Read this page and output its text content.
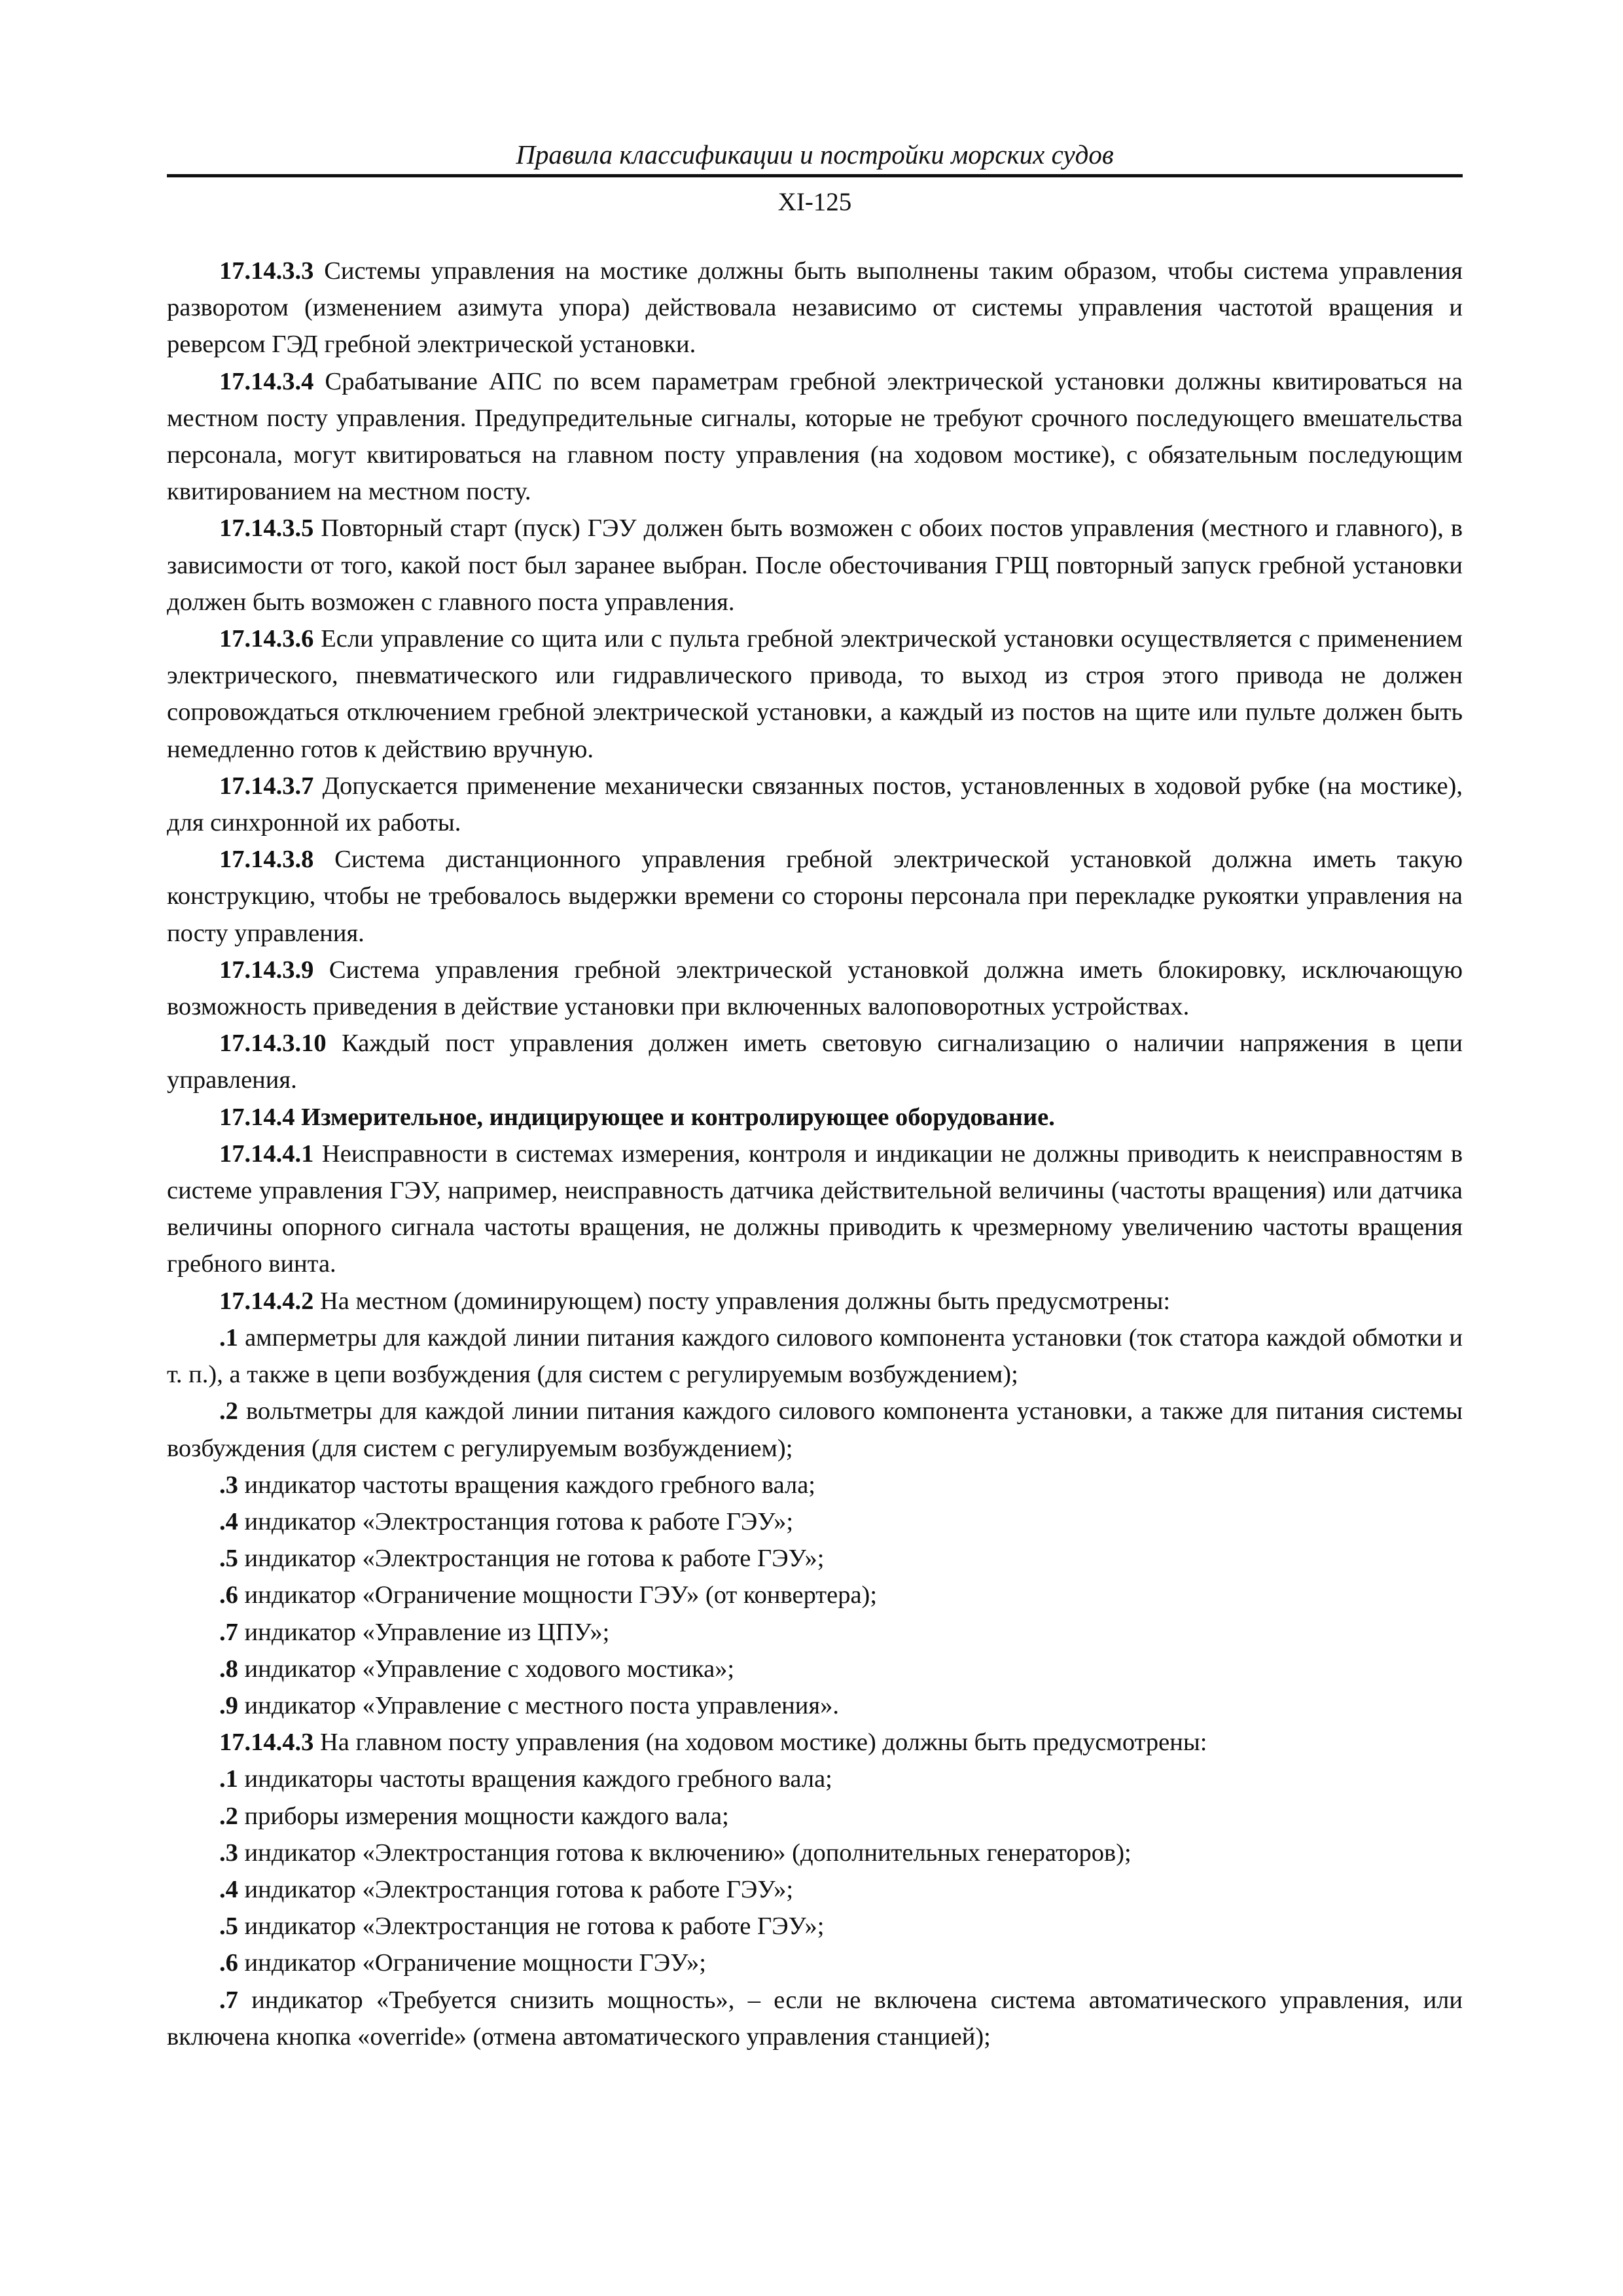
Правила классификации и постройки морских судов
XI-125

17.14.3.3 Системы управления на мостике должны быть выполнены таким образом, чтобы система управления разворотом (изменением азимута упора) действовала независимо от системы управления частотой вращения и реверсом ГЭД гребной электрической установки.

17.14.3.4 Срабатывание АПС по всем параметрам гребной электрической установки должны квитироваться на местном посту управления. Предупредительные сигналы, которые не требуют срочного последующего вмешательства персонала, могут квитироваться на главном посту управления (на ходовом мостике), с обязательным последующим квитированием на местном посту.

17.14.3.5 Повторный старт (пуск) ГЭУ должен быть возможен с обоих постов управления (местного и главного), в зависимости от того, какой пост был заранее выбран. После обесточивания ГРЩ повторный запуск гребной установки должен быть возможен с главного поста управления.

17.14.3.6 Если управление со щита или с пульта гребной электрической установки осуществляется с применением электрического, пневматического или гидравлического привода, то выход из строя этого привода не должен сопровождаться отключением гребной электрической установки, а каждый из постов на щите или пульте должен быть немедленно готов к действию вручную.

17.14.3.7 Допускается применение механически связанных постов, установленных в ходовой рубке (на мостике), для синхронной их работы.

17.14.3.8 Система дистанционного управления гребной электрической установкой должна иметь такую конструкцию, чтобы не требовалось выдержки времени со стороны персонала при перекладке рукоятки управления на посту управления.

17.14.3.9 Система управления гребной электрической установкой должна иметь блокировку, исключающую возможность приведения в действие установки при включенных валоповоротных устройствах.

17.14.3.10 Каждый пост управления должен иметь световую сигнализацию о наличии напряжения в цепи управления.

17.14.4 Измерительное, индицирующее и контролирующее оборудование.

17.14.4.1 Неисправности в системах измерения, контроля и индикации не должны приводить к неисправностям в системе управления ГЭУ, например, неисправность датчика действительной величины (частоты вращения) или датчика величины опорного сигнала частоты вращения, не должны приводить к чрезмерному увеличению частоты вращения гребного винта.

17.14.4.2 На местном (доминирующем) посту управления должны быть предусмотрены:

.1 амперметры для каждой линии питания каждого силового компонента установки (ток статора каждой обмотки и т. п.), а также в цепи возбуждения (для систем с регулируемым возбуждением);

.2 вольтметры для каждой линии питания каждого силового компонента установки, а также для питания системы возбуждения (для систем с регулируемым возбуждением);

.3 индикатор частоты вращения каждого гребного вала;

.4 индикатор «Электростанция готова к работе ГЭУ»;

.5 индикатор «Электростанция не готова к работе ГЭУ»;

.6 индикатор «Ограничение мощности ГЭУ» (от конвертера);

.7 индикатор «Управление из ЦПУ»;

.8 индикатор «Управление с ходового мостика»;

.9 индикатор «Управление с местного поста управления».

17.14.4.3 На главном посту управления (на ходовом мостике) должны быть предусмотрены:

.1 индикаторы частоты вращения каждого гребного вала;

.2 приборы измерения мощности каждого вала;

.3 индикатор «Электростанция готова к включению» (дополнительных генераторов);

.4 индикатор «Электростанция готова к работе ГЭУ»;

.5 индикатор «Электростанция не готова к работе ГЭУ»;

.6 индикатор «Ограничение мощности ГЭУ»;

.7 индикатор «Требуется снизить мощность», – если не включена система автоматического управления, или включена кнопка «override» (отмена автоматического управления станцией);
